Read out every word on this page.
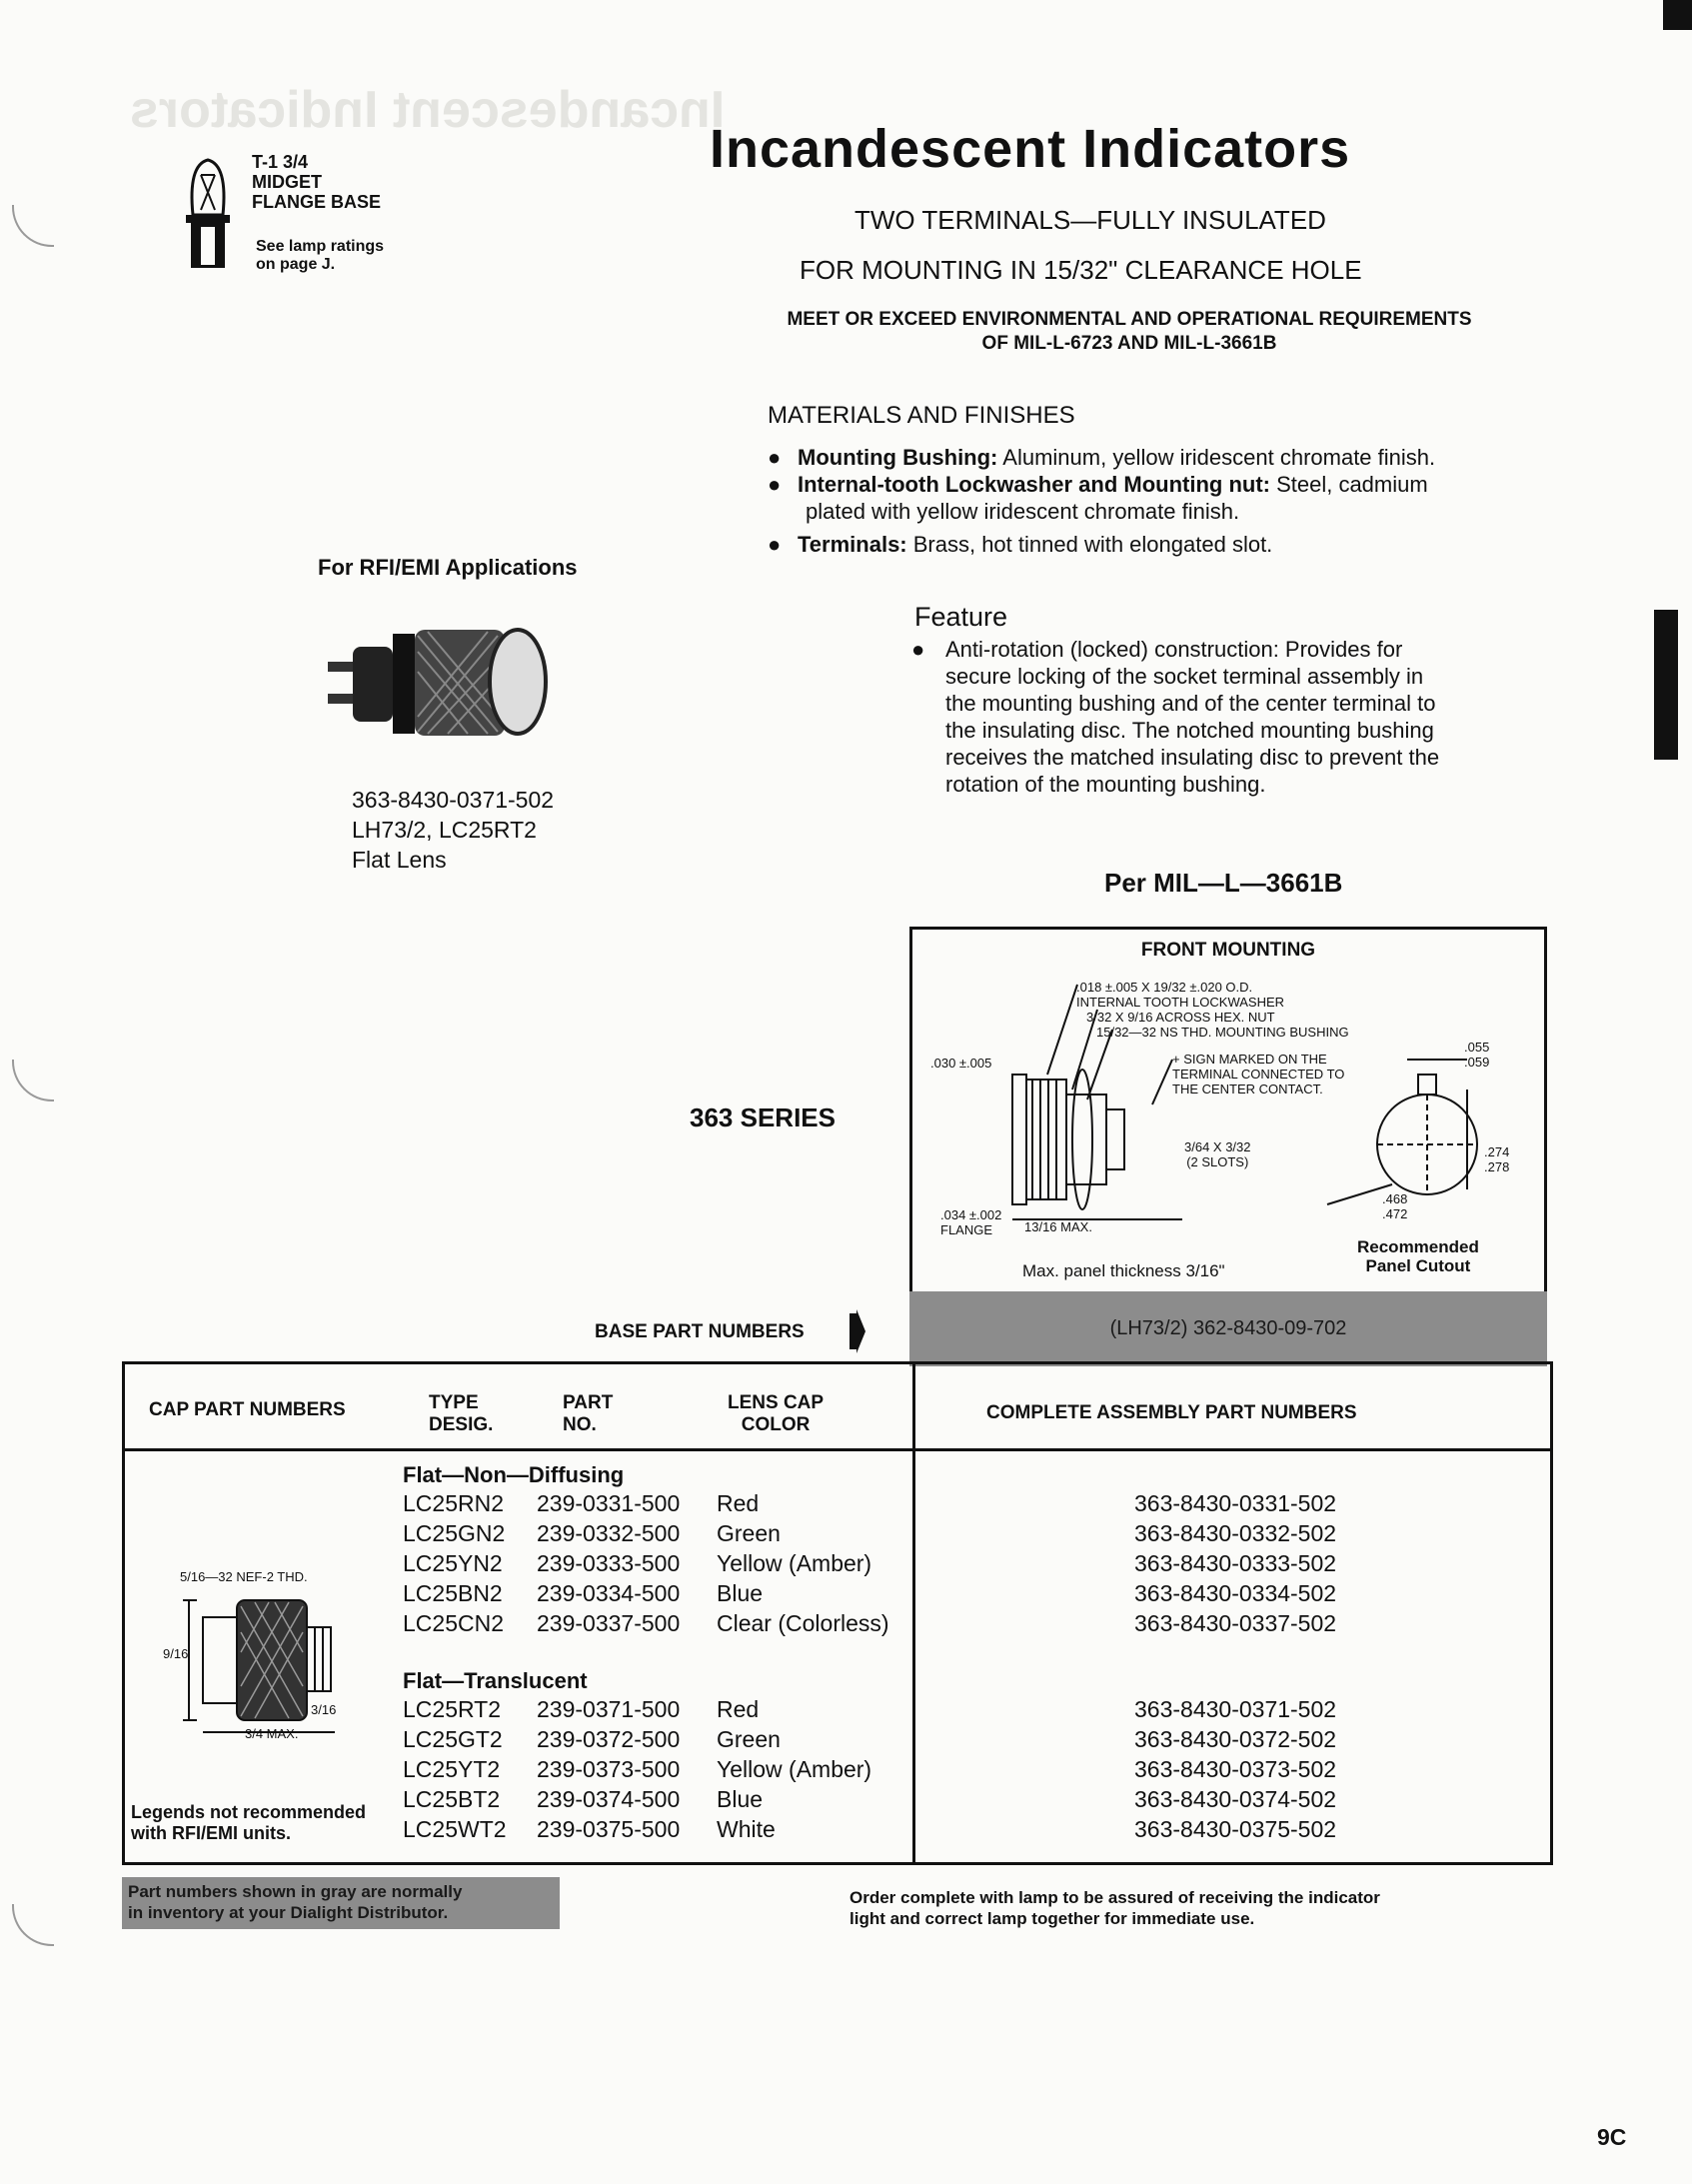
Incandescent Indicators
T-1 3/4
MIDGET
FLANGE BASE
See lamp ratings
on page J.
Incandescent Indicators
TWO TERMINALS—FULLY INSULATED
FOR MOUNTING IN 15/32" CLEARANCE HOLE
MEET OR EXCEED ENVIRONMENTAL AND OPERATIONAL REQUIREMENTS
OF MIL-L-6723 AND MIL-L-3661B
MATERIALS AND FINISHES
● Mounting Bushing: Aluminum, yellow iridescent chromate finish.
● Internal-tooth Lockwasher and Mounting nut: Steel, cadmium
plated with yellow iridescent chromate finish.
● Terminals: Brass, hot tinned with elongated slot.
For RFI/EMI Applications
363-8430-0371-502
LH73/2, LC25RT2
Flat Lens
Feature
● Anti-rotation (locked) construction: Provides for
secure locking of the socket terminal assembly in
the mounting bushing and of the center terminal to
the insulating disc. The notched mounting bushing
receives the matched insulating disc to prevent the
rotation of the mounting bushing.
Per MIL—L—3661B
363 SERIES
FRONT MOUNTING
.018 ±.005 X 19/32 ±.020 O.D.
INTERNAL TOOTH LOCKWASHER
3/32 X 9/16 ACROSS HEX. NUT
15/32—32 NS THD. MOUNTING BUSHING
+ SIGN MARKED ON THE
TERMINAL CONNECTED TO
THE CENTER CONTACT.
.030 ±.005
3/64 X 3/32
(2 SLOTS)
.034 ±.002
FLANGE	13/16 MAX.
.055
.059
.274
.278
.468
.472
Max. panel thickness 3/16"
Recommended
Panel Cutout
BASE PART NUMBERS	(LH73/2) 362-8430-09-702
CAP PART NUMBERS	TYPE
DESIG.
PART
NO.
LENS CAP
COLOR
COMPLETE ASSEMBLY PART NUMBERS
5/16—32 NEF-2 THD.
9/16
3/16
3/4 MAX.
Legends not recommended
with RFI/EMI units.
Flat—Non—Diffusing
LC25RN2 239-0331-500 Red	363-8430-0331-502
LC25GN2 239-0332-500 Green	363-8430-0332-502
LC25YN2 239-0333-500 Yellow (Amber)	363-8430-0333-502
LC25BN2 239-0334-500 Blue	363-8430-0334-502
LC25CN2 239-0337-500 Clear (Colorless)	363-8430-0337-502
Flat—Translucent
LC25RT2 239-0371-500 Red	363-8430-0371-502
LC25GT2 239-0372-500 Green	363-8430-0372-502
LC25YT2 239-0373-500 Yellow (Amber)	363-8430-0373-502
LC25BT2 239-0374-500 Blue	363-8430-0374-502
LC25WT2 239-0375-500 White	363-8430-0375-502
Part numbers shown in gray are normally
in inventory at your Dialight Distributor.
Order complete with lamp to be assured of receiving the indicator
light and correct lamp together for immediate use.
9C
